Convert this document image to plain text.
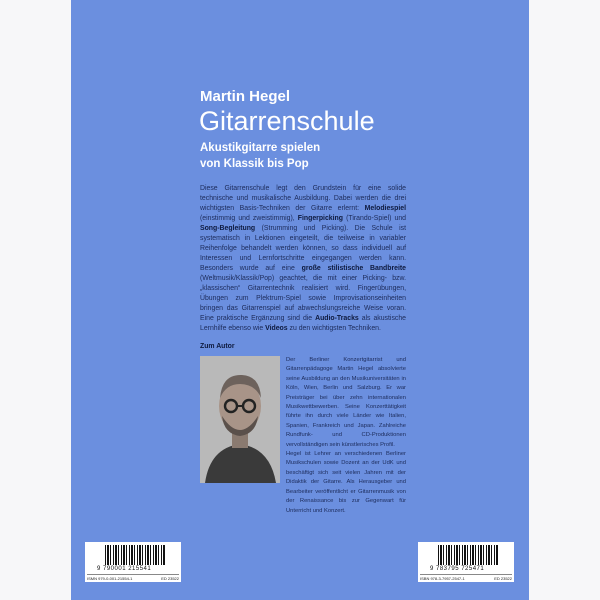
Martin Hegel
Gitarrenschule
Akustikgitarre spielen
von Klassik bis Pop
Diese Gitarrenschule legt den Grundstein für eine solide technische und musikalische Ausbildung. Dabei werden die drei wichtigsten Basis-Techniken der Gitarre erlernt: Melodiespiel (einstimmig und zweistimmig), Fingerpicking (Tirando-Spiel) und Song-Begleitung (Strumming und Picking). Die Schule ist systematisch in Lektionen eingeteilt, die teilweise in variabler Reihenfolge behandelt werden können, so dass individuell auf Interessen und Lernfortschritte eingegangen werden kann. Besonders wurde auf eine große stilistische Bandbreite (Weltmusik/Klassik/Pop) geachtet, die mit einer Picking- bzw. „klassischen“ Gitarrentechnik realisiert wird. Fingerübungen, Übungen zum Plektrum-Spiel sowie Improvisationseinheiten bringen das Gitarrenspiel auf abwechslungsreiche Weise voran. Eine praktische Ergänzung sind die Audio-Tracks als akustische Lernhilfe ebenso wie Videos zu den wichtigsten Techniken.
Zum Autor
Der Berliner Konzertgitarrist und Gitarrenpädagoge Martin Hegel absolvierte seine Ausbildung an den Musikuniversitäten in Köln, Wien, Berlin und Salzburg. Er war Preisträger bei über zehn internationalen Musikwettbewerben. Seine Konzerttätigkeit führte ihn durch viele Länder wie Italien, Spanien, Frankreich und Japan. Zahlreiche Rundfunk- und CD-Produktionen vervollständigen sein künstlerisches Profil.
Hegel ist Lehrer an verschiedenen Berliner Musikschulen sowie Dozent an der UdK und beschäftigt sich seit vielen Jahren mit der Didaktik der Gitarre. Als Herausgeber und Bearbeiter veröffentlicht er Gitarrenmusik von der Renaissance bis zur Gegenwart für Unterricht und Konzert.
9 790001 215541
ISMN 979-0-001-21554-1	ED 23522
9 783795 725471
ISBN 978-3-7957-2547-1	ED 23522
